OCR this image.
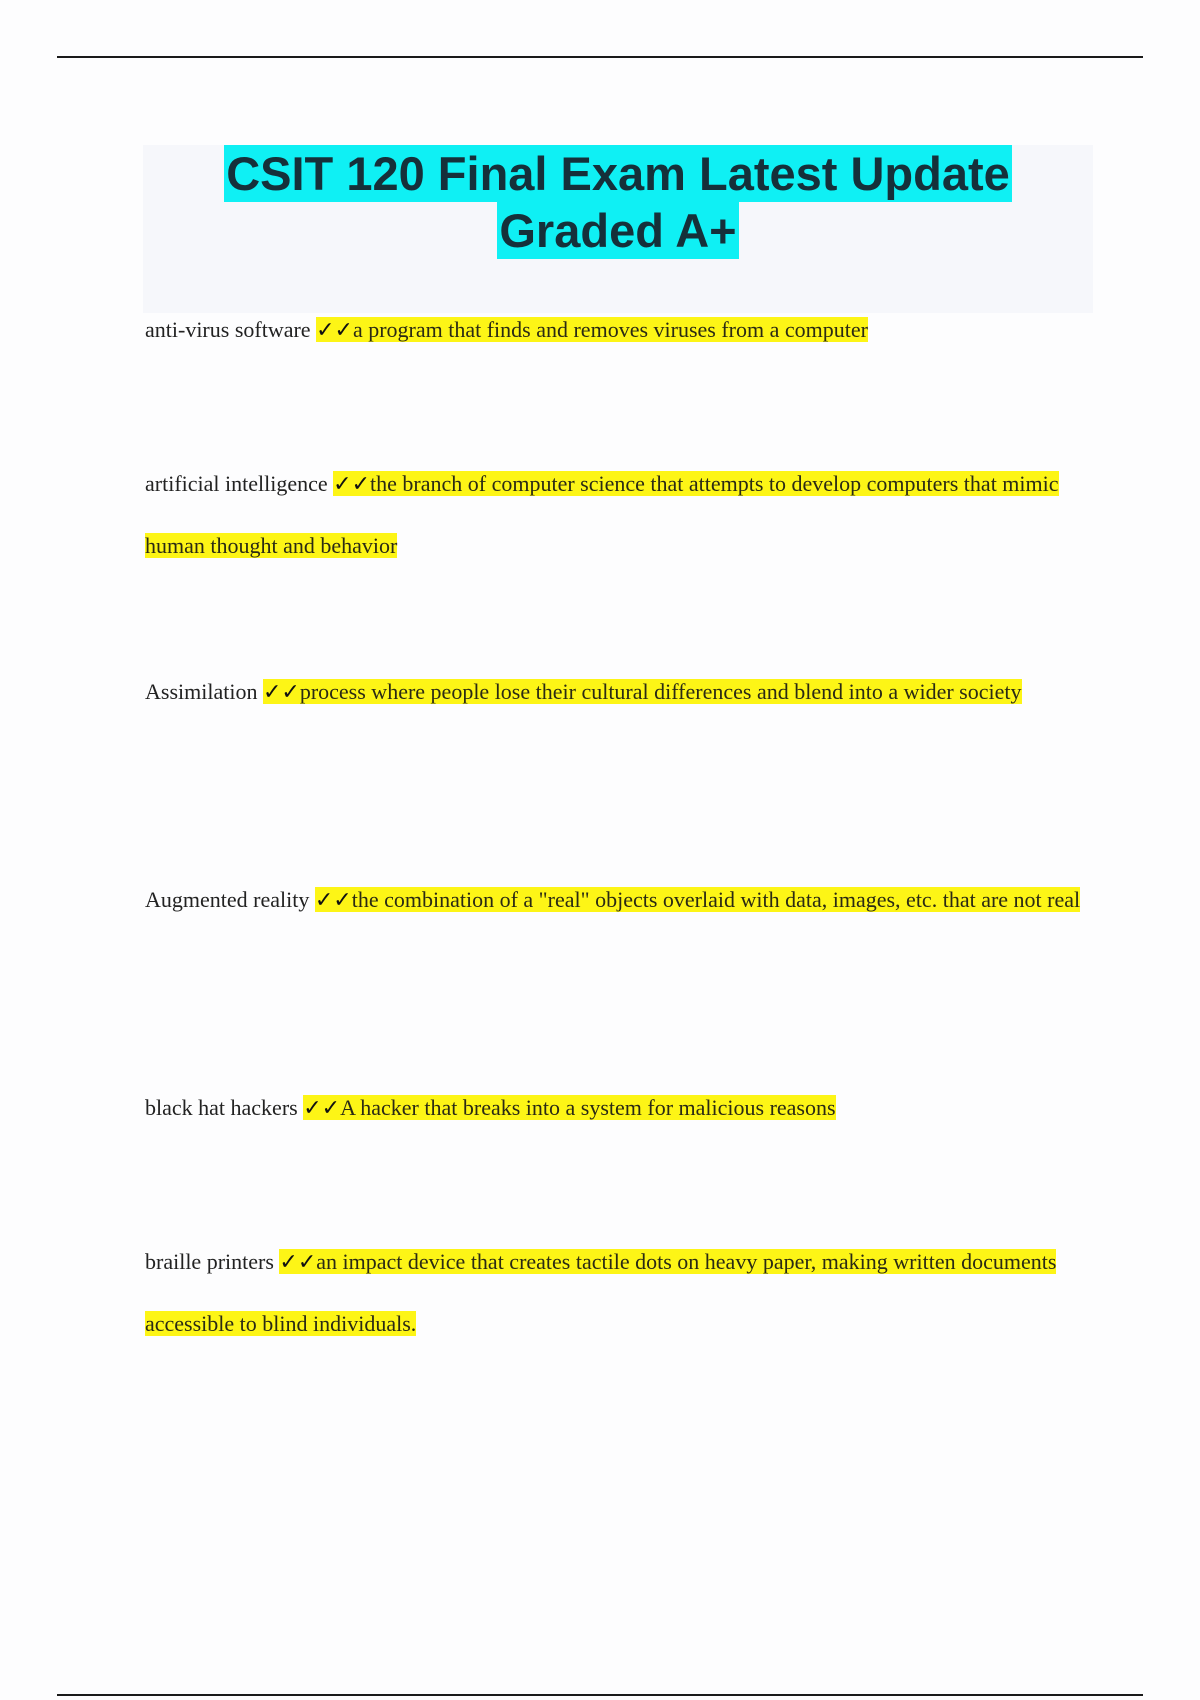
CSIT 120 Final Exam Latest Update
Graded A+
anti-virus software ✓✓a program that finds and removes viruses from a computer
artificial intelligence ✓✓the branch of computer science that attempts to develop computers that mimic human thought and behavior
Assimilation ✓✓process where people lose their cultural differences and blend into a wider society
Augmented reality ✓✓the combination of a "real" objects overlaid with data, images, etc. that are not real
black hat hackers ✓✓A hacker that breaks into a system for malicious reasons
braille printers ✓✓an impact device that creates tactile dots on heavy paper, making written documents accessible to blind individuals.
